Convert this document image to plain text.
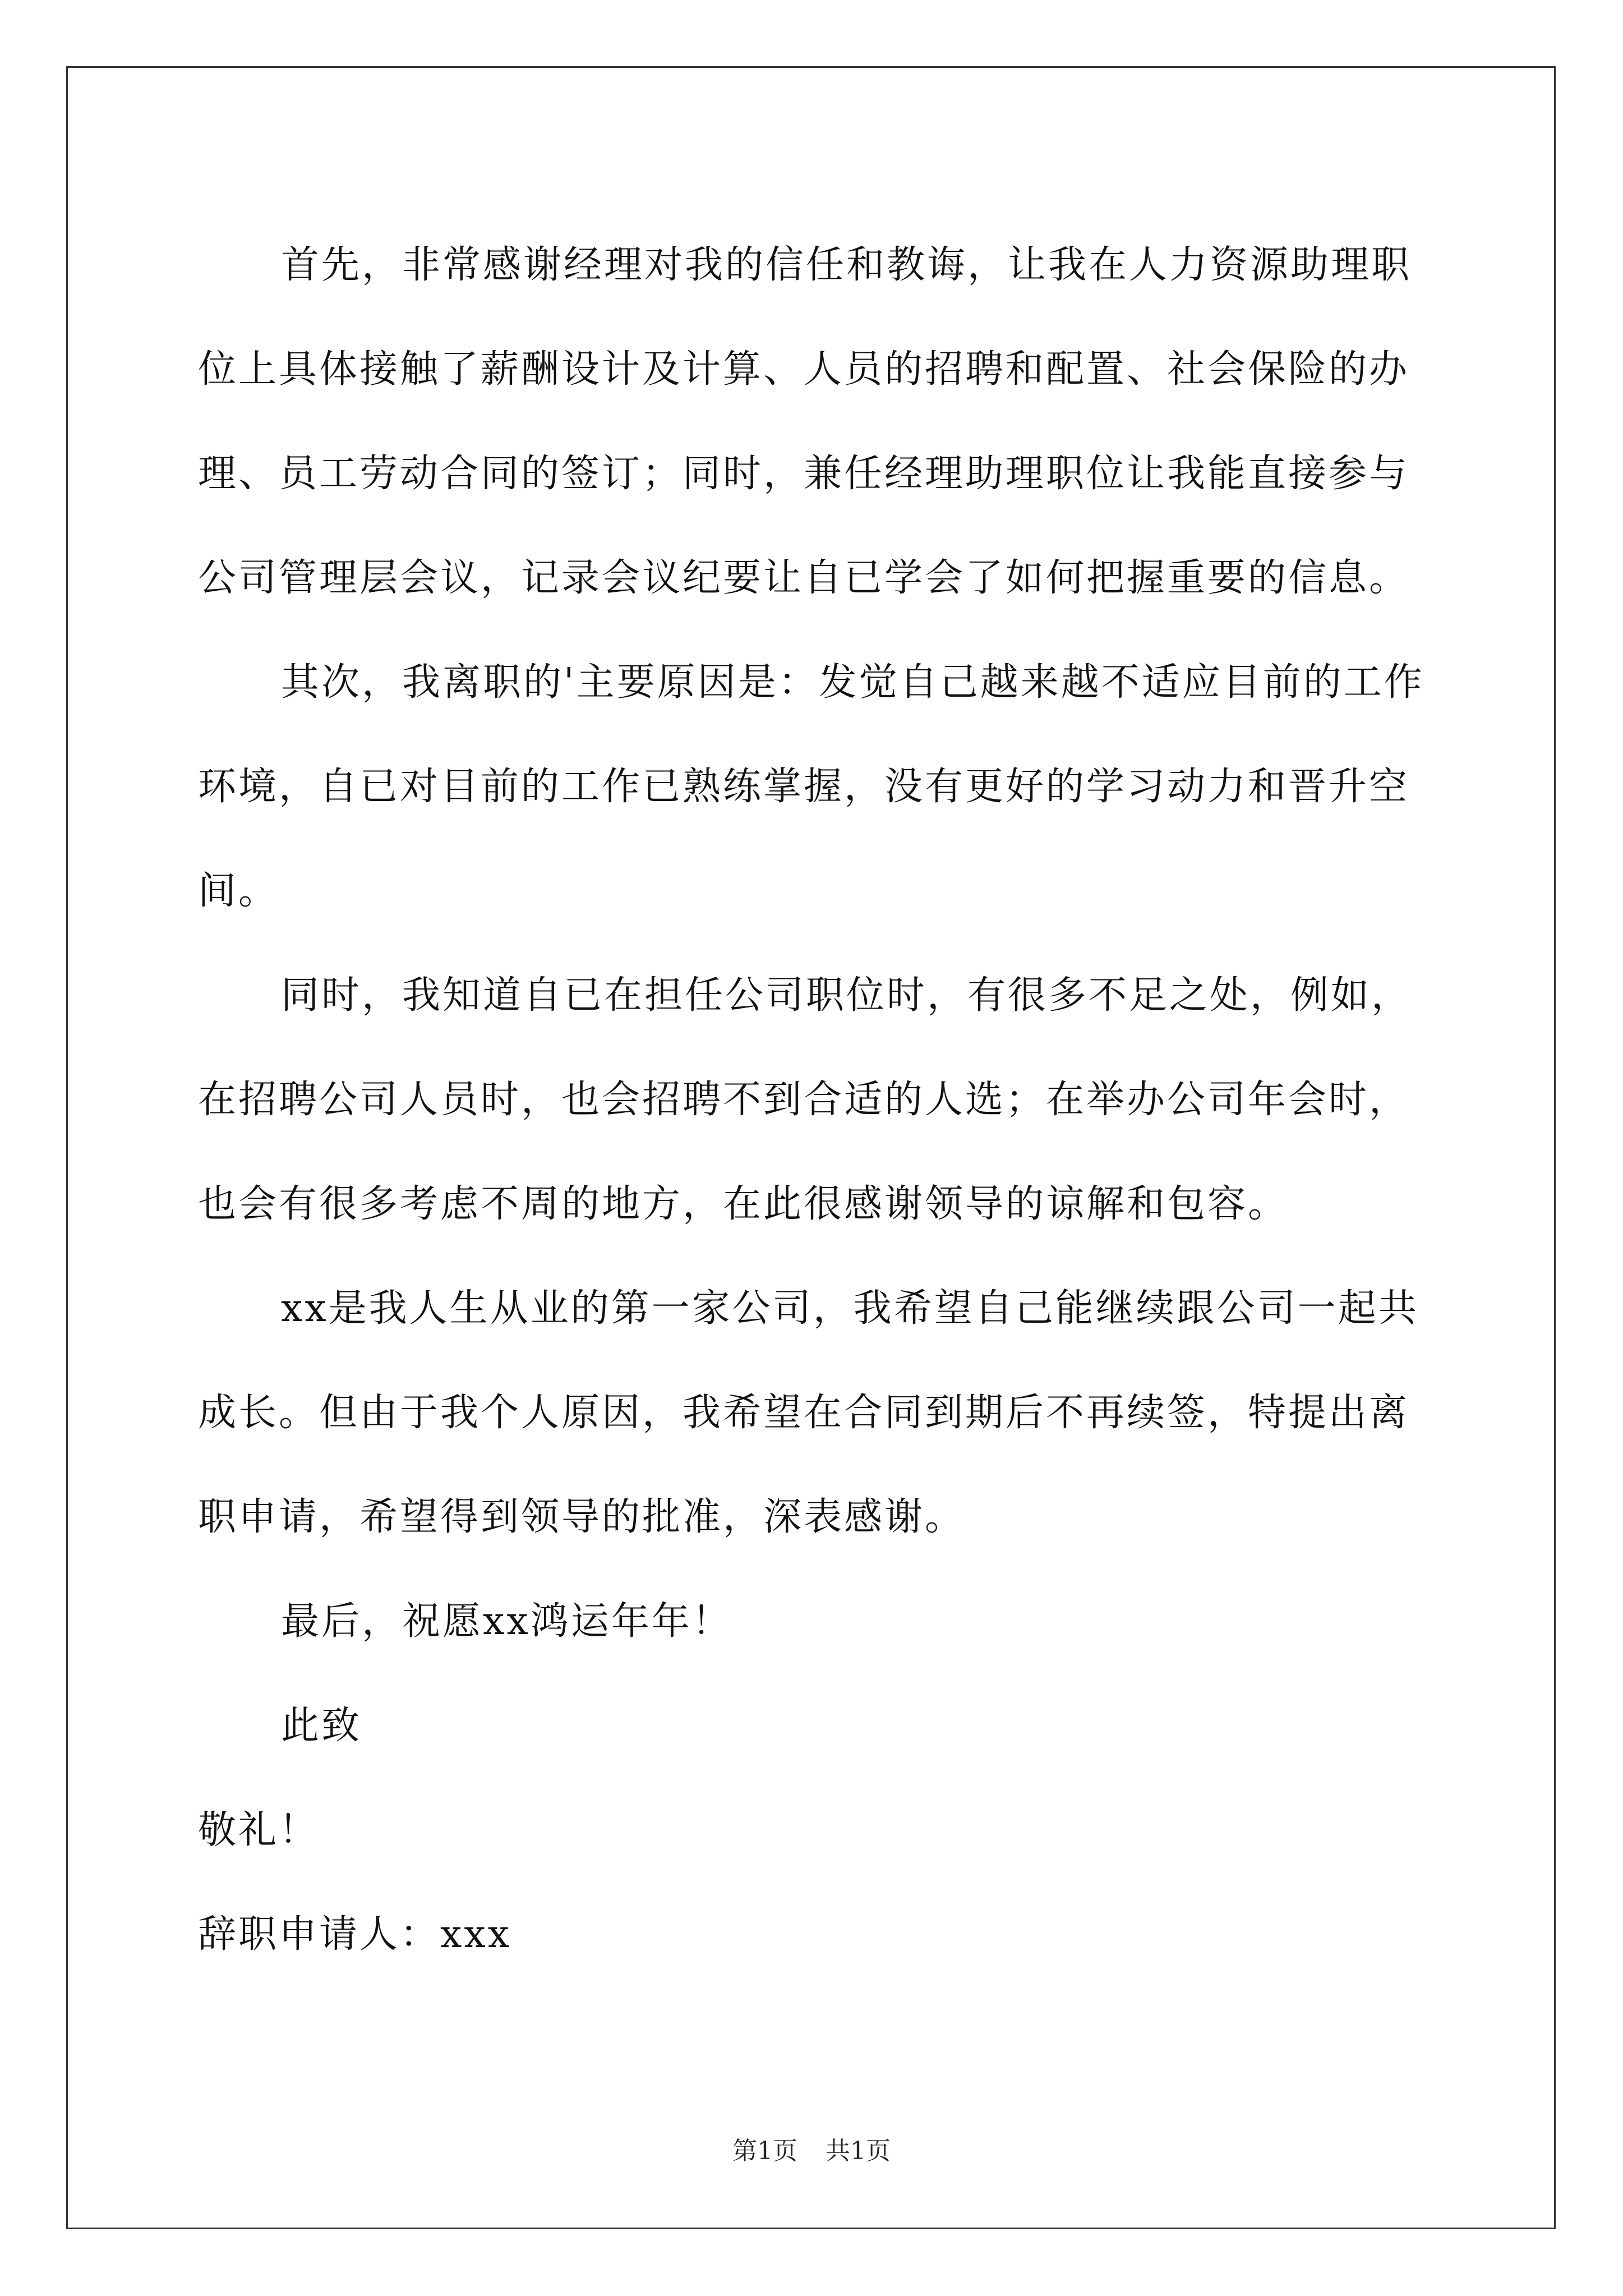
首先，非常感谢经理对我的信任和教诲，让我在人力资源助理职

位上具体接触了薪酬设计及计算、人员的招聘和配置、社会保险的办

理、员工劳动合同的签订；同时，兼任经理助理职位让我能直接参与

公司管理层会议，记录会议纪要让自已学会了如何把握重要的信息。

其次，我离职的'主要原因是：发觉自己越来越不适应目前的工作

环境，自已对目前的工作已熟练掌握，没有更好的学习动力和晋升空

间。

同时，我知道自已在担任公司职位时，有很多不足之处，例如，

在招聘公司人员时，也会招聘不到合适的人选；在举办公司年会时，

也会有很多考虑不周的地方，在此很感谢领导的谅解和包容。

xx是我人生从业的第一家公司，我希望自己能继续跟公司一起共

成长。但由于我个人原因，我希望在合同到期后不再续签，特提出离

职申请，希望得到领导的批准，深表感谢。

最后，祝愿xx鸿运年年！

此致

敬礼！

辞职申请人：xxx

第1页 共1页
